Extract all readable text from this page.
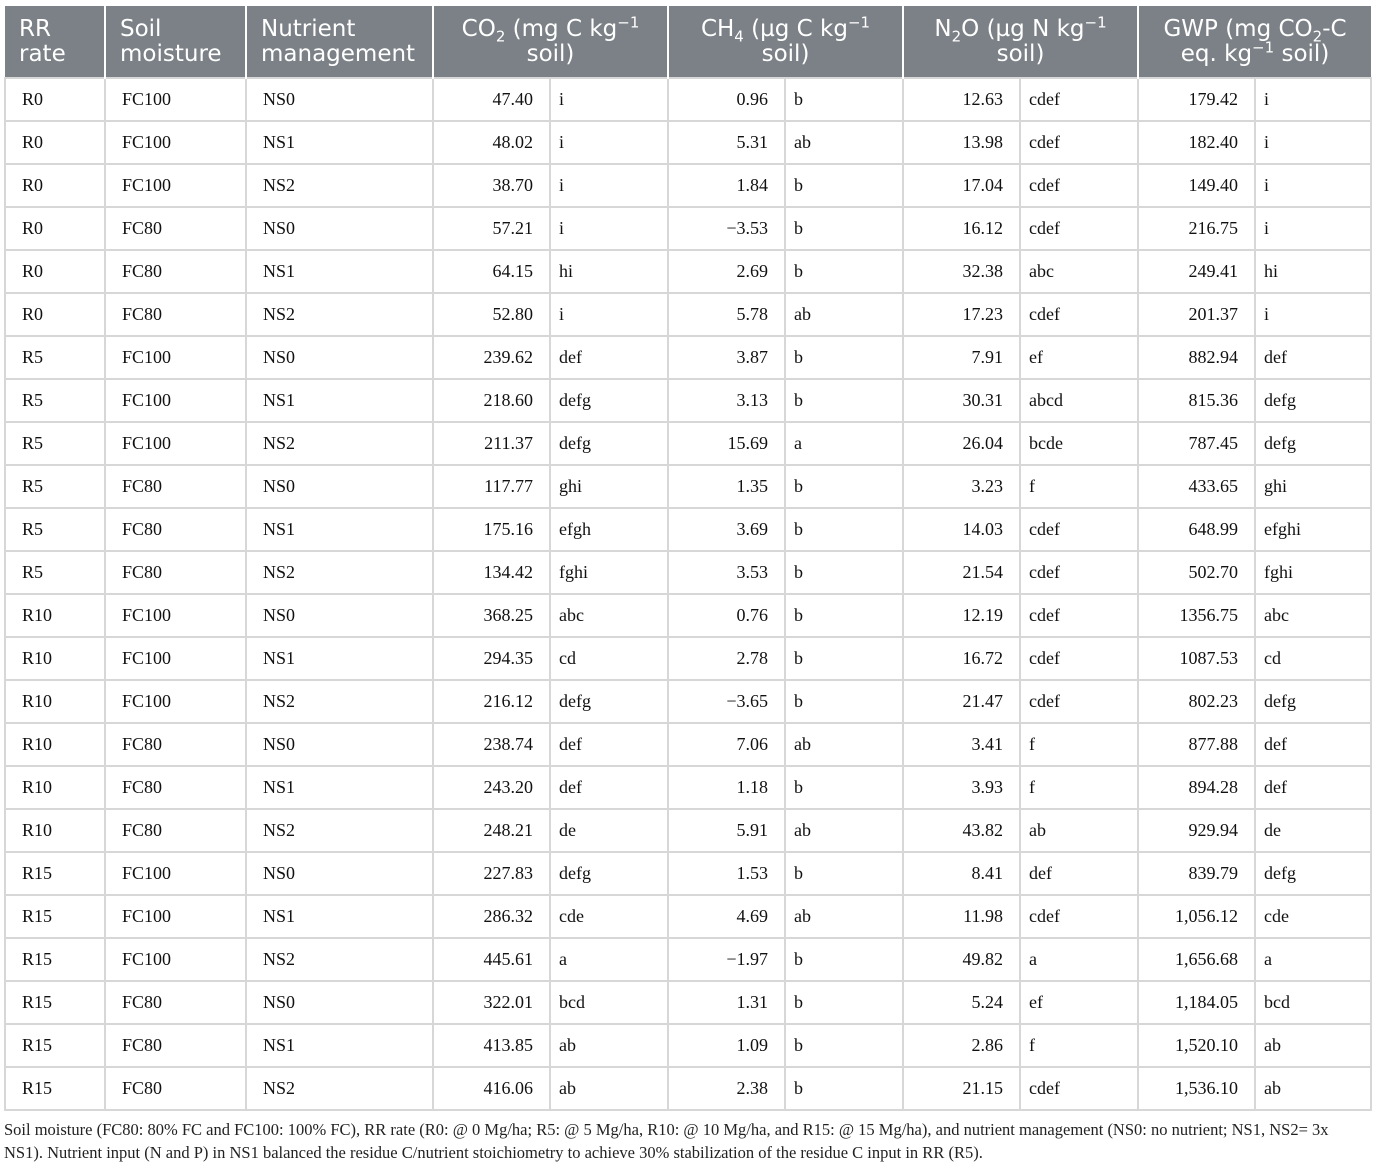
RR rate	Soil moisture	Nutrient management	$CO_2$ (mg C $kg^{-1}$ soil)		$CH_4$ (µg C $kg^{-1}$ soil)		$N_2O$ (µg N $kg^{-1}$ soil)		GWP (mg $CO_2-C$ eq. $kg^{-1}$ soil)	
R0	FC100	NS0	47.40	i	0.96	b	12.63	cdef	179.42	i
R0	FC100	NS1	48.02	i	5.31	ab	13.98	cdef	182.40	i
R0	FC100	NS2	38.70	i	1.84	b	17.04	cdef	149.40	i
R0	FC80	NS0	57.21	i	−3.53	b	16.12	cdef	216.75	i
R0	FC80	NS1	64.15	hi	2.69	b	32.38	abc	249.41	hi
R0	FC80	NS2	52.80	i	5.78	ab	17.23	cdef	201.37	i
R5	FC100	NS0	239.62	def	3.87	b	7.91	ef	882.94	def
R5	FC100	NS1	218.60	defg	3.13	b	30.31	abcd	815.36	defg
R5	FC100	NS2	211.37	defg	15.69	a	26.04	bcde	787.45	defg
R5	FC80	NS0	117.77	ghi	1.35	b	3.23	f	433.65	ghi
R5	FC80	NS1	175.16	efgh	3.69	b	14.03	cdef	648.99	efghi
R5	FC80	NS2	134.42	fghi	3.53	b	21.54	cdef	502.70	fghi
R10	FC100	NS0	368.25	abc	0.76	b	12.19	cdef	1356.75	abc
R10	FC100	NS1	294.35	cd	2.78	b	16.72	cdef	1087.53	cd
R10	FC100	NS2	216.12	defg	−3.65	b	21.47	cdef	802.23	defg
R10	FC80	NS0	238.74	def	7.06	ab	3.41	f	877.88	def
R10	FC80	NS1	243.20	def	1.18	b	3.93	f	894.28	def
R10	FC80	NS2	248.21	de	5.91	ab	43.82	ab	929.94	de
R15	FC100	NS0	227.83	defg	1.53	b	8.41	def	839.79	defg
R15	FC100	NS1	286.32	cde	4.69	ab	11.98	cdef	1,056.12	cde
R15	FC100	NS2	445.61	a	−1.97	b	49.82	a	1,656.68	a
R15	FC80	NS0	322.01	bcd	1.31	b	5.24	ef	1,184.05	bcd
R15	FC80	NS1	413.85	ab	1.09	b	2.86	f	1,520.10	ab
R15	FC80	NS2	416.06	ab	2.38	b	21.15	cdef	1,536.10	ab
Soil moisture (FC80: 80% FC and FC100: 100% FC), RR rate (R0: @ 0 Mg/ha; R5: @ 5 Mg/ha, R10: @ 10 Mg/ha, and R15: @ 15 Mg/ha), and nutrient management (NS0: no nutrient; NS1, NS2= 3x NS1). Nutrient input (N and P) in NS1 balanced the residue C/nutrient stoichiometry to achieve 30% stabilization of the residue C input in RR (R5).
